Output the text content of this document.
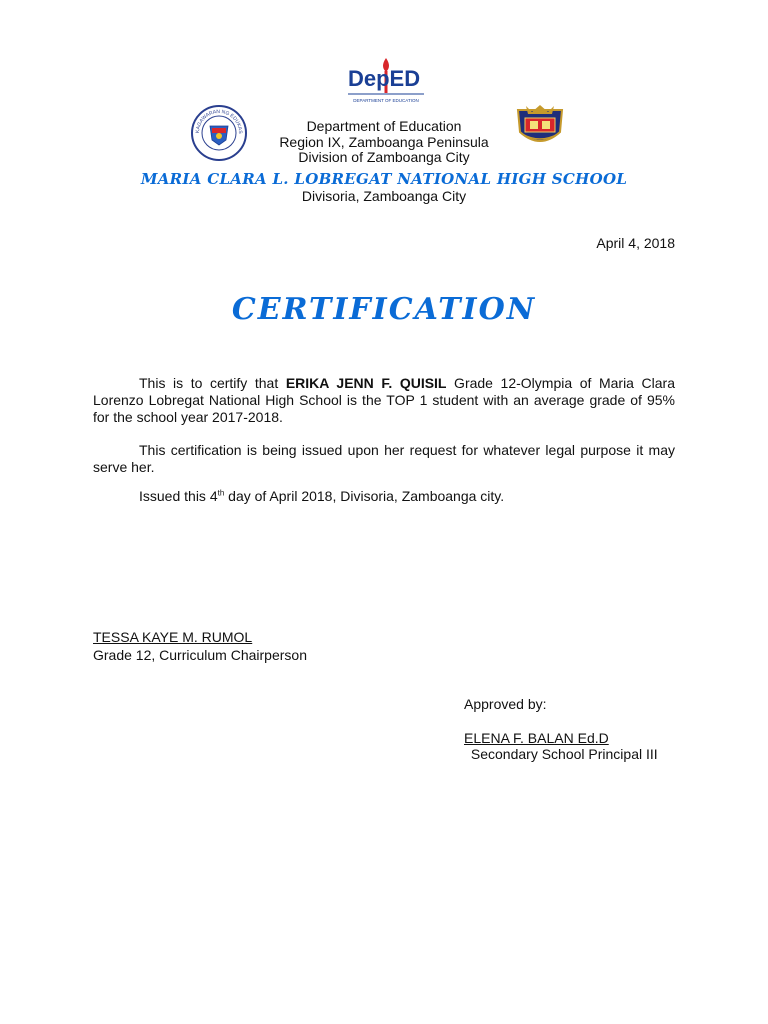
DepED
DEPARTMENT OF EDUCATION
KAGAWARAN NG EDUKAS	Department of Education
Region IX, Zamboanga Peninsula
Division of Zamboanga City
MARIA CLARA L. LOBREGAT NATIONAL HIGH SCHOOL
Divisoria, Zamboanga City
April 4, 2018
CERTIFICATION
This is to certify that ERIKA JENN F. QUISIL Grade 12-Olympia of Maria Clara Lorenzo Lobregat National High School is the TOP 1 student with an average grade of 95% for the school year 2017-2018.
This certification is being issued upon her request for whatever legal purpose it may serve her.
Issued this 4th day of April 2018, Divisoria, Zamboanga city.
TESSA KAYE M. RUMOL
Grade 12, Curriculum Chairperson
Approved by:
ELENA F. BALAN Ed.D
Secondary School Principal III
